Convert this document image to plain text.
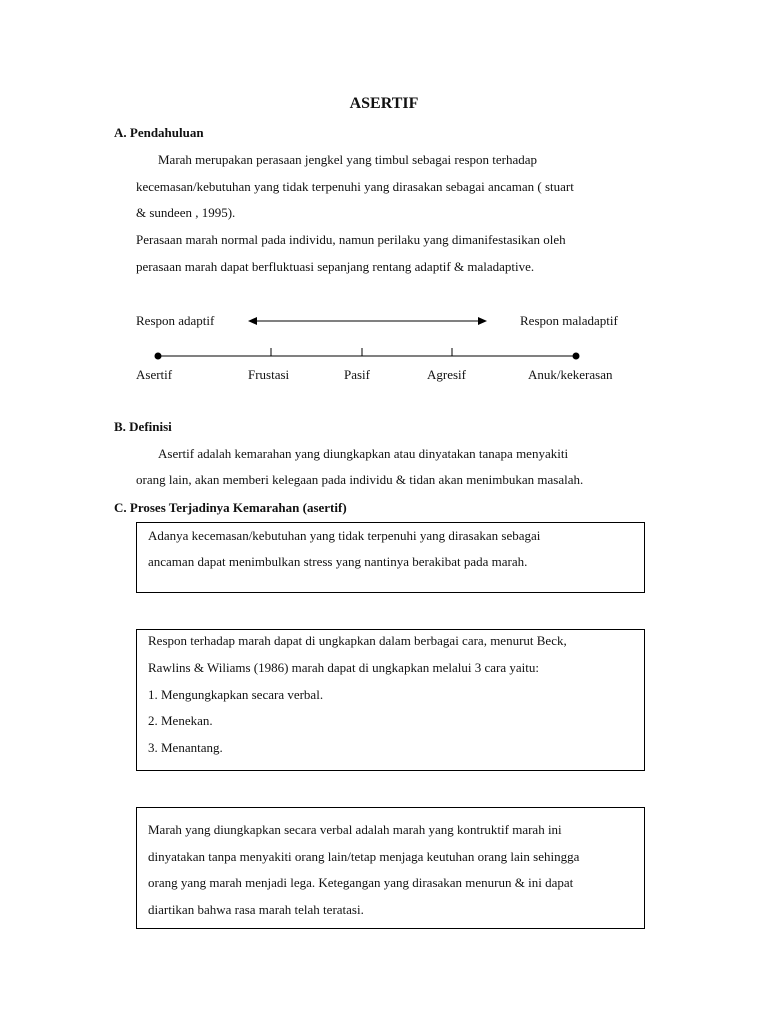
ASERTIF
A. Pendahuluan
Marah merupakan perasaan jengkel yang timbul sebagai respon terhadap
kecemasan/kebutuhan yang tidak terpenuhi yang dirasakan sebagai ancaman ( stuart
& sundeen , 1995).
Perasaan marah normal pada individu, namun perilaku yang dimanifestasikan oleh
perasaan marah dapat berfluktuasi sepanjang rentang adaptif & maladaptive.
Respon adaptif	Respon maladaptif
Asertif	Frustasi	Pasif	Agresif	Anuk/kekerasan
B. Definisi
Asertif adalah kemarahan yang diungkapkan atau dinyatakan tanapa menyakiti
orang lain, akan memberi kelegaan pada individu & tidan akan menimbukan masalah.
C. Proses Terjadinya Kemarahan (asertif)
Adanya kecemasan/kebutuhan yang tidak terpenuhi yang dirasakan sebagai
ancaman dapat menimbulkan stress yang nantinya berakibat pada marah.
Respon terhadap marah dapat di ungkapkan dalam berbagai cara, menurut Beck,
Rawlins & Wiliams (1986) marah dapat di ungkapkan melalui 3 cara yaitu:
1. Mengungkapkan secara verbal.
2. Menekan.
3. Menantang.
Marah yang diungkapkan secara verbal adalah marah yang kontruktif marah ini
dinyatakan tanpa menyakiti orang lain/tetap menjaga keutuhan orang lain sehingga
orang yang marah menjadi lega. Ketegangan yang dirasakan menurun & ini dapat
diartikan bahwa rasa marah telah teratasi.
